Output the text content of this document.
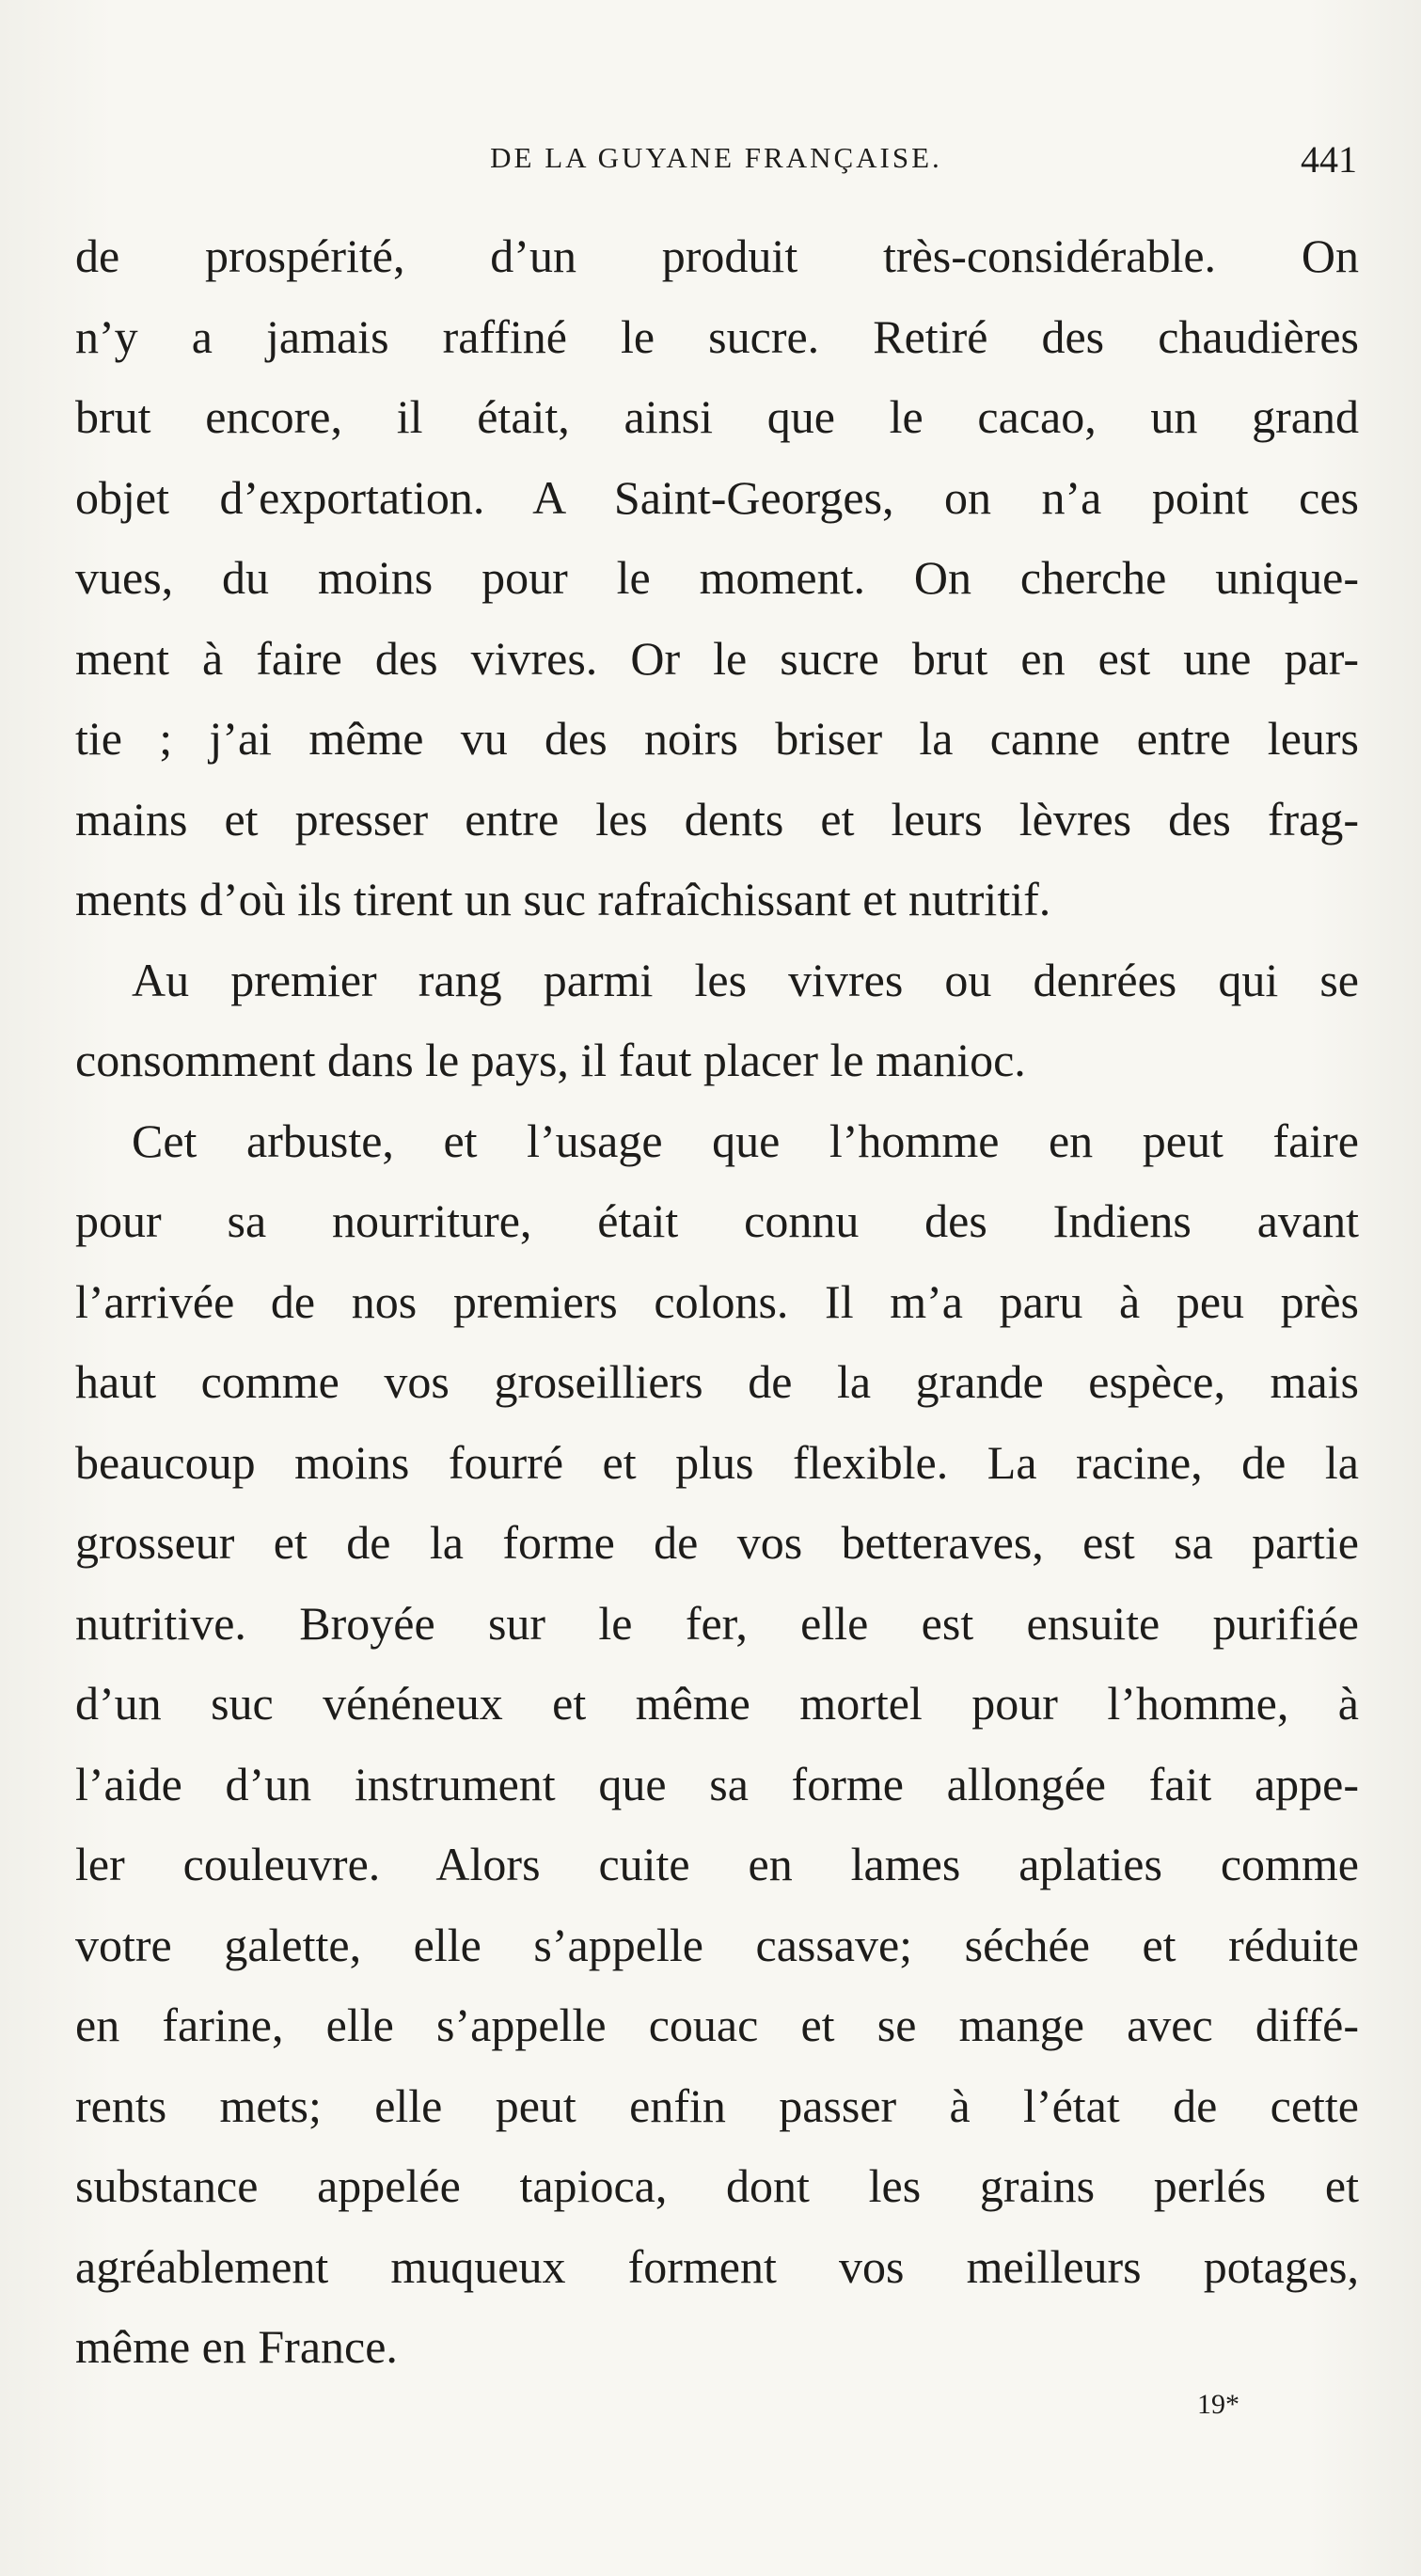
DE LA GUYANE FRANÇAISE.	441
de prospérité, d’un produit très-considérable. On
n’y a jamais raffiné le sucre. Retiré des chaudières
brut encore, il était, ainsi que le cacao, un grand
objet d’exportation. A Saint-Georges, on n’a point ces
vues, du moins pour le moment. On cherche unique-
ment à faire des vivres. Or le sucre brut en est une par-
tie ; j’ai même vu des noirs briser la canne entre leurs
mains et presser entre les dents et leurs lèvres des frag-
ments d’où ils tirent un suc rafraîchissant et nutritif.
Au premier rang parmi les vivres ou denrées qui se
consomment dans le pays, il faut placer le manioc.
Cet arbuste, et l’usage que l’homme en peut faire
pour sa nourriture, était connu des Indiens avant
l’arrivée de nos premiers colons. Il m’a paru à peu près
haut comme vos groseilliers de la grande espèce, mais
beaucoup moins fourré et plus flexible. La racine, de la
grosseur et de la forme de vos betteraves, est sa partie
nutritive. Broyée sur le fer, elle est ensuite purifiée
d’un suc vénéneux et même mortel pour l’homme, à
l’aide d’un instrument que sa forme allongée fait appe-
ler couleuvre. Alors cuite en lames aplaties comme
votre galette, elle s’appelle cassave; séchée et réduite
en farine, elle s’appelle couac et se mange avec diffé-
rents mets; elle peut enfin passer à l’état de cette
substance appelée tapioca, dont les grains perlés et
agréablement muqueux forment vos meilleurs potages,
même en France.
19*
